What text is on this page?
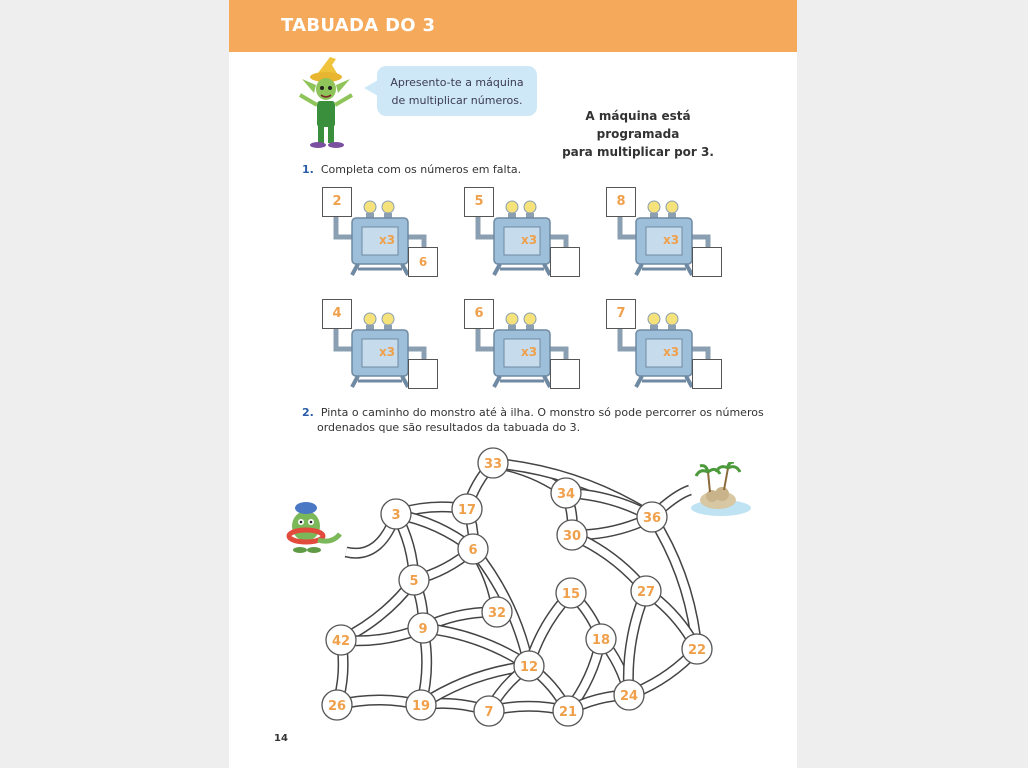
TABUADA DO 3
Apresento-te a máquina
de multiplicar números.
A máquina está programada
para multiplicar por 3.
1. Completa com os números em falta.
2
x3
6
5
x3
8
x3
4
x3
6
x3
7
x3
2. Pinta o caminho do monstro até à ilha. O monstro só pode percorrer os números
ordenados que são resultados da tabuada do 3.
33
34
3	17
36
30
6
5
27
15
32
42
9
18
22
12
24
26	19	7	21
14
